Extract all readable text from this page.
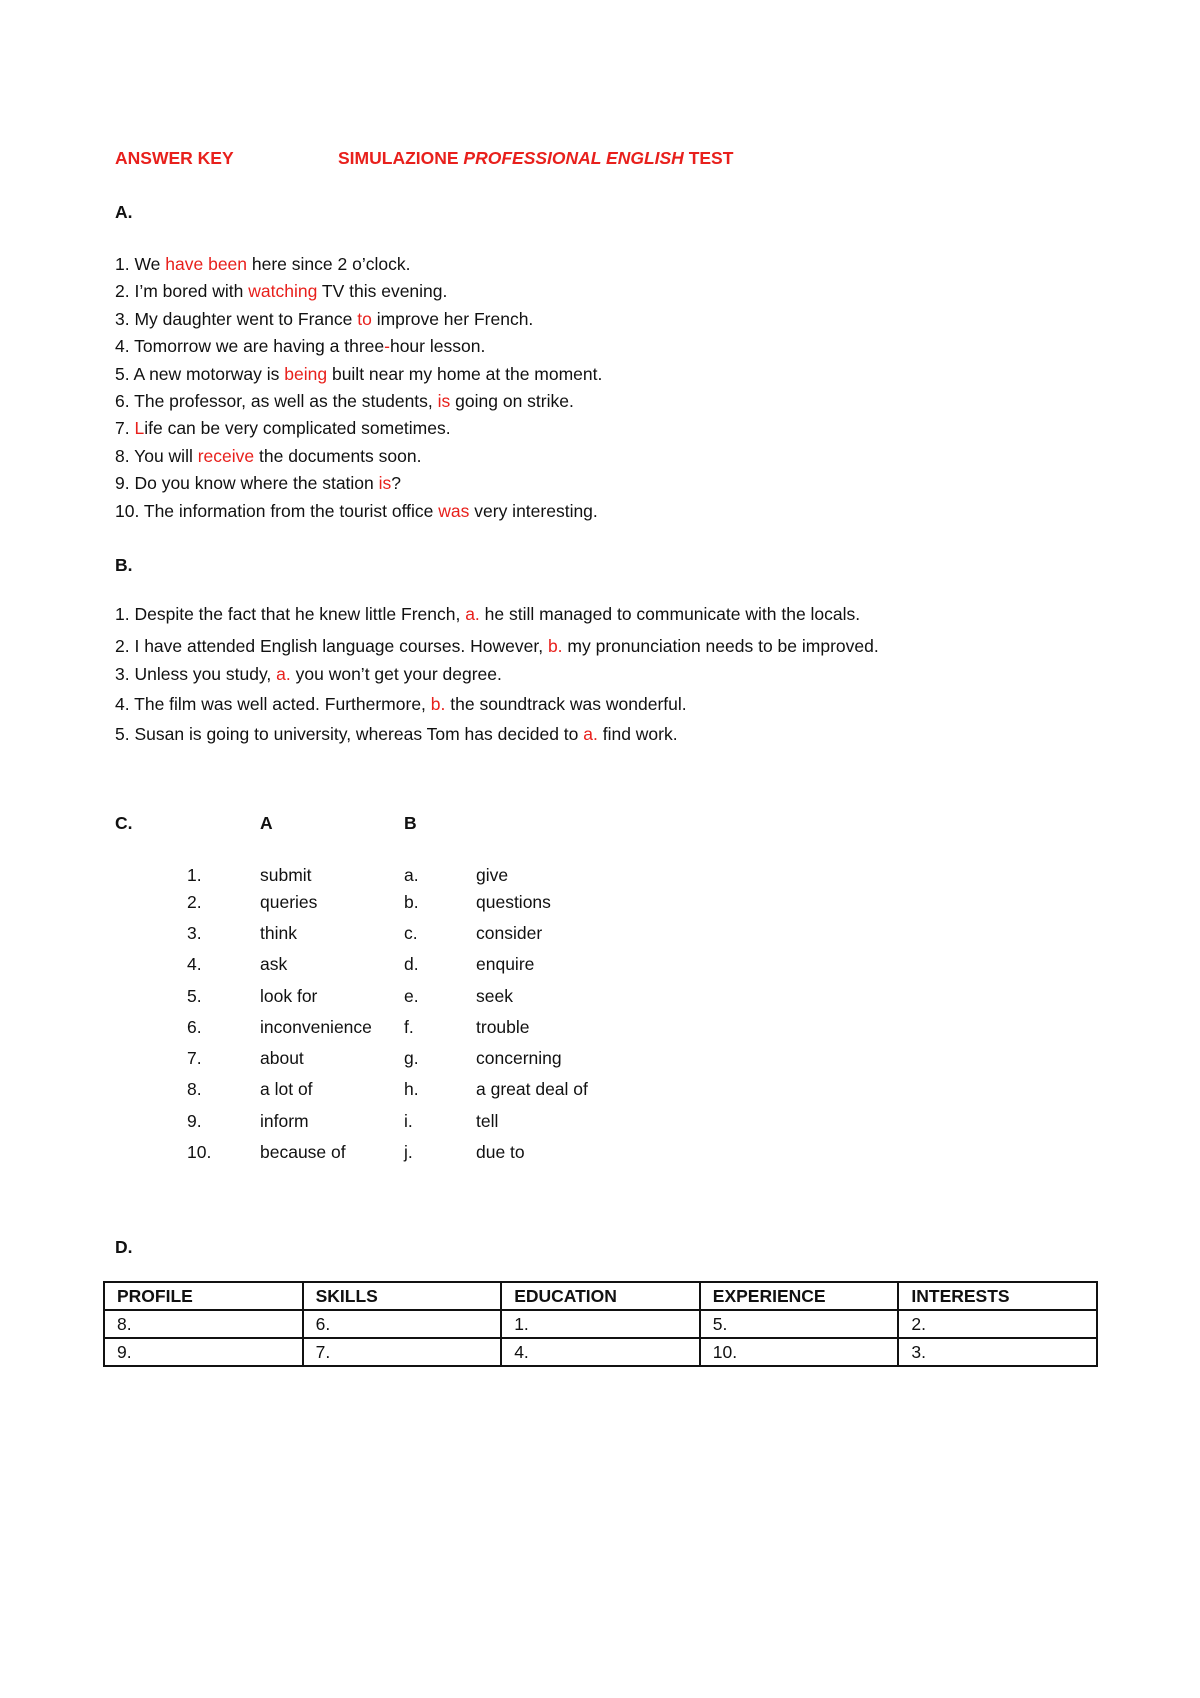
ANSWER KEY	SIMULAZIONE PROFESSIONAL ENGLISH TEST
A.
1. We have been here since 2 o’clock.
2. I’m bored with watching TV this evening.
3. My daughter went to France to improve her French.
4. Tomorrow we are having a three-hour lesson.
5. A new motorway is being built near my home at the moment.
6. The professor, as well as the students, is going on strike.
7. Life can be very complicated sometimes.
8. You will receive the documents soon.
9. Do you know where the station is?
10. The information from the tourist office was very interesting.
B.
1. Despite the fact that he knew little French, a. he still managed to communicate with the locals.
2. I have attended English language courses. However, b. my pronunciation needs to be improved.
3. Unless you study, a. you won’t get your degree.
4. The film was well acted. Furthermore, b. the soundtrack was wonderful.
5. Susan is going to university, whereas Tom has decided to a. find work.
C.	A	B
1.	submit	a.	give
2.	queries	b.	questions
3.	think	c.	consider
4.	ask	d.	enquire
5.	look for	e.	seek
6.	inconvenience f.	trouble
7.	about	g.	concerning
8.	a lot of	h.	a great deal of
9.	inform	i.	tell
10.	because of	j.	due to
D.
PROFILE	SKILLS	EDUCATION	EXPERIENCE	INTERESTS
8.	6.	1.	5.	2.
9.	7.	4.	10.	3.
